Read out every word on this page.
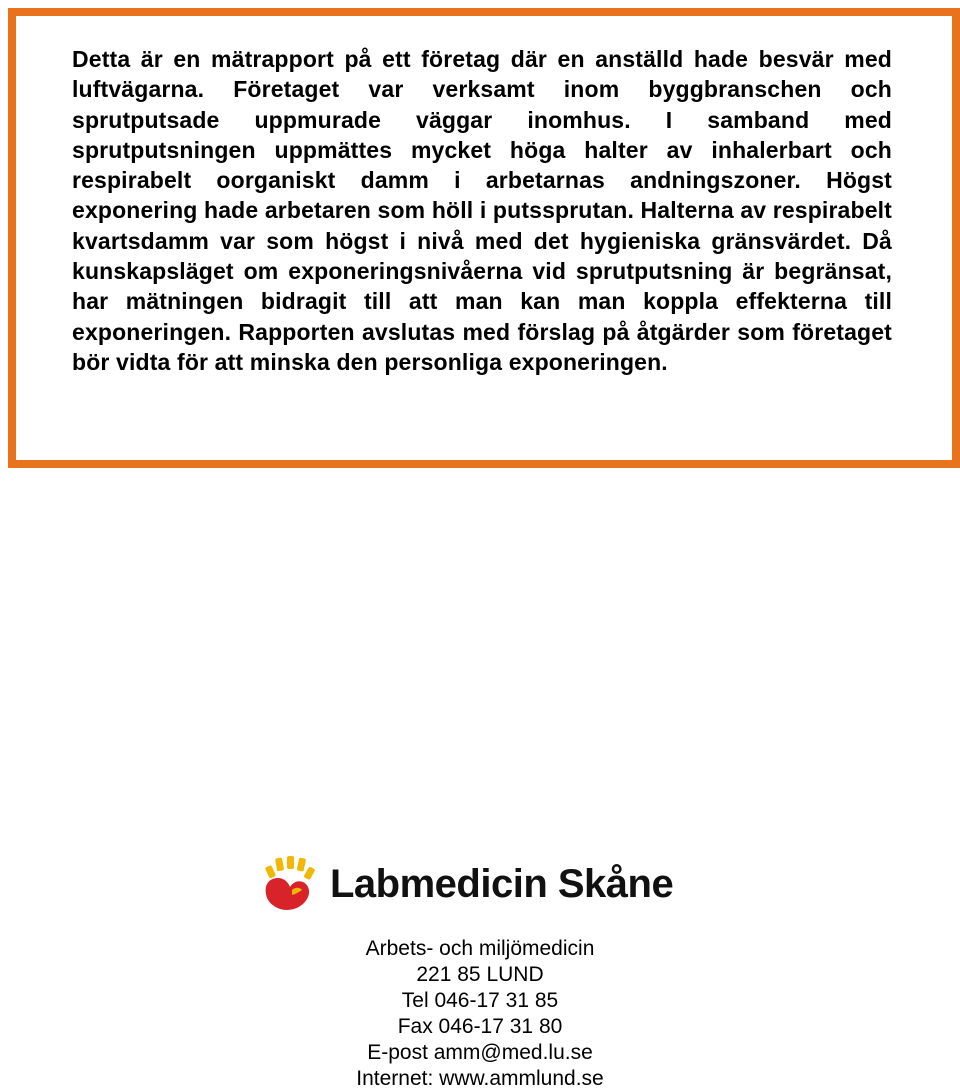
Detta är en mätrapport på ett företag där en anställd hade besvär med luftvägarna. Företaget var verksamt inom byggbranschen och sprutputsade uppmurade väggar inomhus. I samband med sprutputsningen uppmättes mycket höga halter av inhalerbart och respirabelt oorganiskt damm i arbetarnas andningszoner. Högst exponering hade arbetaren som höll i putssprutan. Halterna av respirabelt kvartsdamm var som högst i nivå med det hygieniska gränsvärdet. Då kunskapsläget om exponeringsnivåerna vid sprutputsning är begränsat, har mätningen bidragit till att man kan man koppla effekterna till exponeringen. Rapporten avslutas med förslag på åtgärder som företaget bör vidta för att minska den personliga exponeringen.

Labmedicin Skåne
Arbets- och miljömedicin
221 85 LUND
Tel 046-17 31 85
Fax 046-17 31 80
E-post amm@med.lu.se
Internet: www.ammlund.se
